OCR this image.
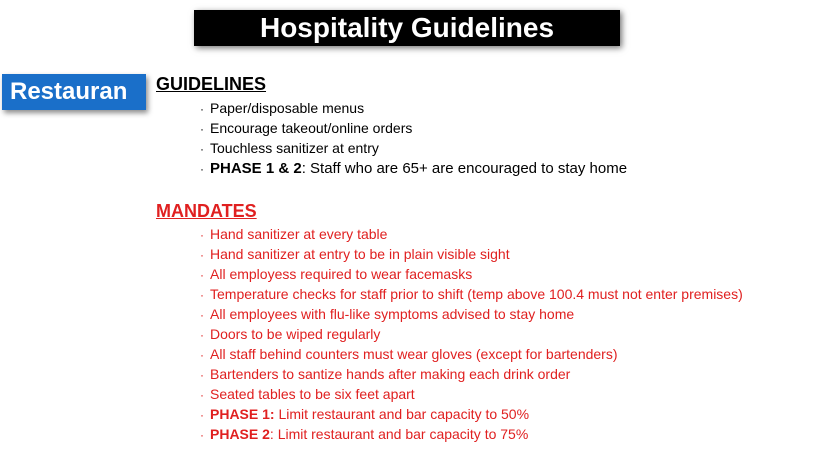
Hospitality Guidelines
Restauran	GUIDELINES
· Paper/disposable menus
· Encourage takeout/online orders
· Touchless sanitizer at entry
· PHASE 1 & 2: Staff who are 65+ are encouraged to stay home
MANDATES
· Hand sanitizer at every table
· Hand sanitizer at entry to be in plain visible sight
· All employess required to wear facemasks
· Temperature checks for staff prior to shift (temp above 100.4 must not enter premises)
· All employees with flu-like symptoms advised to stay home
· Doors to be wiped regularly
· All staff behind counters must wear gloves (except for bartenders)
· Bartenders to santize hands after making each drink order
· Seated tables to be six feet apart
· PHASE 1: Limit restaurant and bar capacity to 50%
· PHASE 2: Limit restaurant and bar capacity to 75%
